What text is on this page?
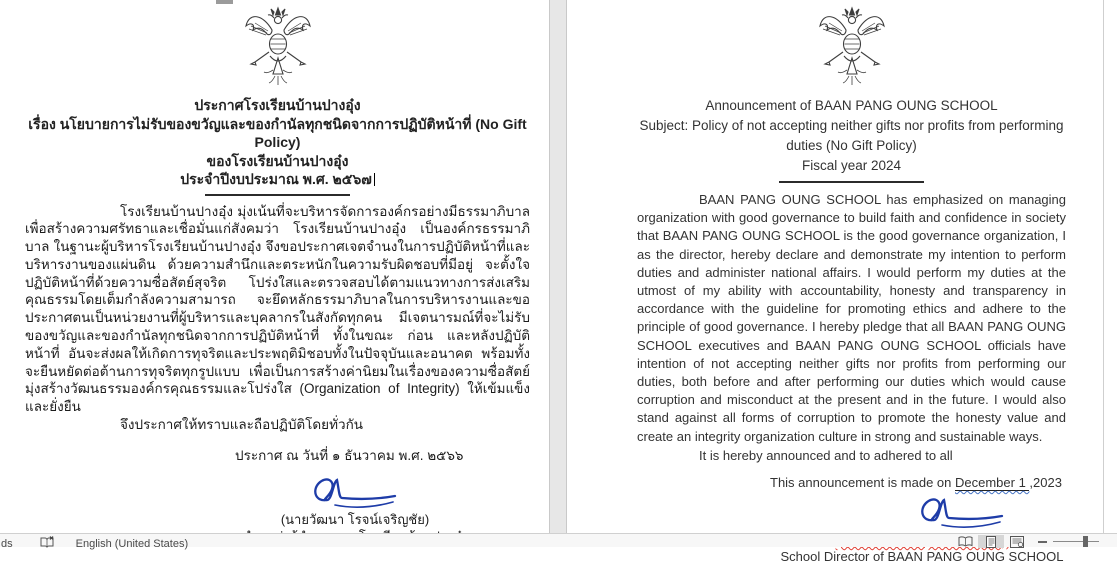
ประกาศโรงเรียนบ้านปางอุ๋ง
เรื่อง นโยบายการไม่รับของขวัญและของกำนัลทุกชนิดจากการปฏิบัติหน้าที่ (No Gift Policy)
ของโรงเรียนบ้านปางอุ๋ง
ประจำปีงบประมาณ พ.ศ. ๒๕๖๗

โรงเรียนบ้านปางอุ๋ง มุ่งเน้นที่จะบริหารจัดการองค์กรอย่างมีธรรมาภิบาล เพื่อสร้างความศรัทธาและเชื่อมั่นแก่สังคมว่า โรงเรียนบ้านปางอุ๋ง เป็นองค์กรธรรมาภิบาล ในฐานะผู้บริหารโรงเรียนบ้านปางอุ๋ง จึงขอประกาศเจตจำนงในการปฏิบัติหน้าที่และบริหารงานของแผ่นดิน ด้วยความสำนึกและตระหนักในความรับผิดชอบที่มีอยู่ จะตั้งใจปฏิบัติหน้าที่ด้วยความซื่อสัตย์สุจริต โปร่งใสและตรวจสอบได้ตามแนวทางการส่งเสริมคุณธรรมโดยเต็มกำลังความสามารถ จะยึดหลักธรรมาภิบาลในการบริหารงานและขอประกาศตนเป็นหน่วยงานที่ผู้บริหารและบุคลากรในสังกัดทุกคน มีเจตนารมณ์ที่จะไม่รับของขวัญและของกำนัลทุกชนิดจากการปฏิบัติหน้าที่ ทั้งในขณะ ก่อน และหลังปฏิบัติหน้าที่ อันจะส่งผลให้เกิดการทุจริตและประพฤติมิชอบทั้งในปัจจุบันและอนาคต พร้อมทั้งจะยืนหยัดต่อต้านการทุจริตทุกรูปแบบ เพื่อเป็นการสร้างค่านิยมในเรื่องของความซื่อสัตย์ มุ่งสร้างวัฒนธรรมองค์กรคุณธรรมและโปร่งใส (Organization of Integrity) ให้เข้มแข็งและยั่งยืน

จึงประกาศให้ทราบและถือปฏิบัติโดยทั่วกัน

ประกาศ ณ วันที่ ๑ ธันวาคม พ.ศ. ๒๕๖๖

(นายวัฒนา โรจน์เจริญชัย)
Announcement of BAAN PANG OUNG SCHOOL
Subject: Policy of not accepting neither gifts nor profits from performing duties (No Gift Policy)
Fiscal year 2024

BAAN PANG OUNG SCHOOL has emphasized on managing organization with good governance to build faith and confidence in society that BAAN PANG OUNG SCHOOL is the good governance organization, I as the director, hereby declare and demonstrate my intention to perform duties and administer national affairs. I would perform my duties at the utmost of my ability with accountability, honesty and transparency in accordance with the guideline for promoting ethics and adhere to the principle of good governance. I hereby pledge that all BAAN PANG OUNG SCHOOL executives and BAAN PANG OUNG SCHOOL officials have intention of not accepting neither gifts nor profits from performing our duties, both before and after performing our duties which would cause corruption and misconduct at the present and in the future. I would also stand against all forms of corruption to promote the honesty value and create an integrity organization culture in strong and sustainable ways.

It is hereby announced and to adhered to all

This announcement is made on December 1 ,2023

School Director of BAAN PANG OUNG SCHOOL
ds	English (United States)
